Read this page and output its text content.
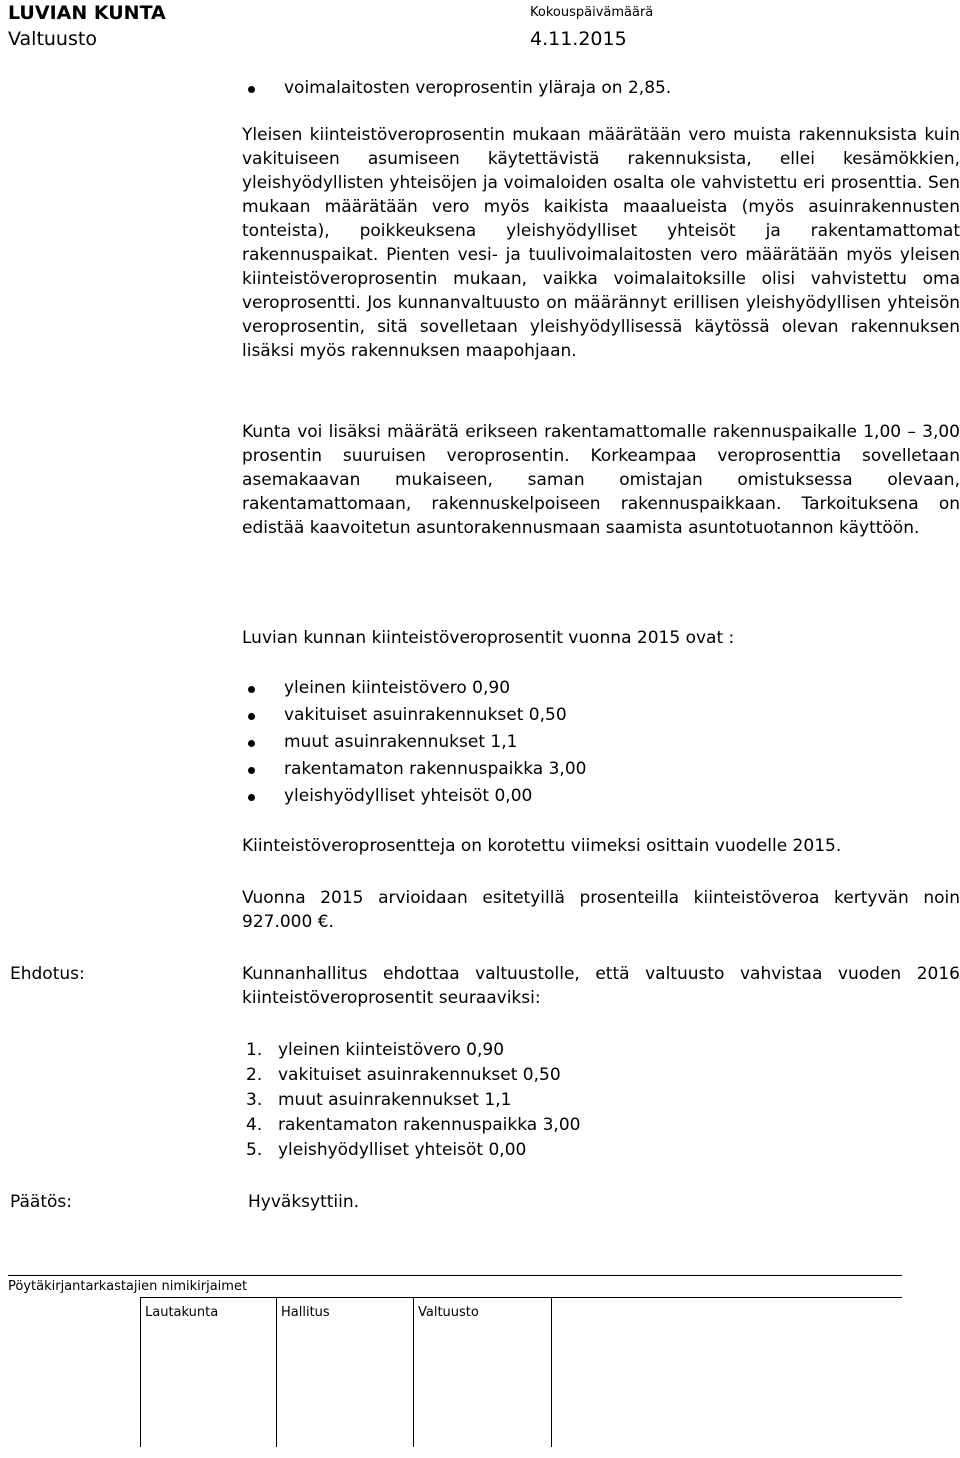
LUVIAN KUNTA
Valtuusto
Kokouspäivämäärä
4.11.2015
voimalaitosten veroprosentin yläraja on 2,85.

Yleisen kiinteistöveroprosentin mukaan määrätään vero muista rakennuksista kuin vakituiseen asumiseen käytettävistä rakennuksista, ellei kesämökkien, yleishyödyllisten yhteisöjen ja voimaloiden osalta ole vahvistettu eri prosenttia. Sen mukaan määrätään vero myös kaikista maaalueista (myös asuinrakennusten tonteista), poikkeuksena yleishyödylliset yhteisöt ja rakentamattomat rakennuspaikat. Pienten vesi- ja tuulivoimalaitosten vero määrätään myös yleisen kiinteistöveroprosentin mukaan, vaikka voimalaitoksille olisi vahvistettu oma veroprosentti. Jos kunnanvaltuusto on määrännyt erillisen yleishyödyllisen yhteisön veroprosentin, sitä sovelletaan yleishyödyllisessä käytössä olevan rakennuksen lisäksi myös rakennuksen maapohjaan.

Kunta voi lisäksi määrätä erikseen rakentamattomalle rakennuspaikalle 1,00 – 3,00 prosentin suuruisen veroprosentin. Korkeampaa veroprosenttia sovelletaan asemakaavan mukaiseen, saman omistajan omistuksessa olevaan, rakentamattomaan, rakennuskelpoiseen rakennuspaikkaan. Tarkoituksena on edistää kaavoitetun asuntorakennusmaan saamista asuntotuotannon käyttöön.

Luvian kunnan kiinteistöveroprosentit vuonna 2015 ovat :

yleinen kiinteistövero 0,90
vakituiset asuinrakennukset 0,50
muut asuinrakennukset 1,1
rakentamaton rakennuspaikka 3,00
yleishyödylliset yhteisöt 0,00

Kiinteistöveroprosentteja on korotettu viimeksi osittain vuodelle 2015.

Vuonna 2015 arvioidaan esitetyillä prosenteilla kiinteistöveroa kertyvän noin 927.000 €.

Ehdotus:	Kunnanhallitus ehdottaa valtuustolle, että valtuusto vahvistaa vuoden 2016 kiinteistöveroprosentit seuraaviksi:

1. yleinen kiinteistövero 0,90
2. vakituiset asuinrakennukset 0,50
3. muut asuinrakennukset 1,1
4. rakentamaton rakennuspaikka 3,00
5. yleishyödylliset yhteisöt 0,00
Päätös:	Hyväksyttiin.
Pöytäkirjantarkastajien nimikirjaimet
Lautakunta	Hallitus	Valtuusto
